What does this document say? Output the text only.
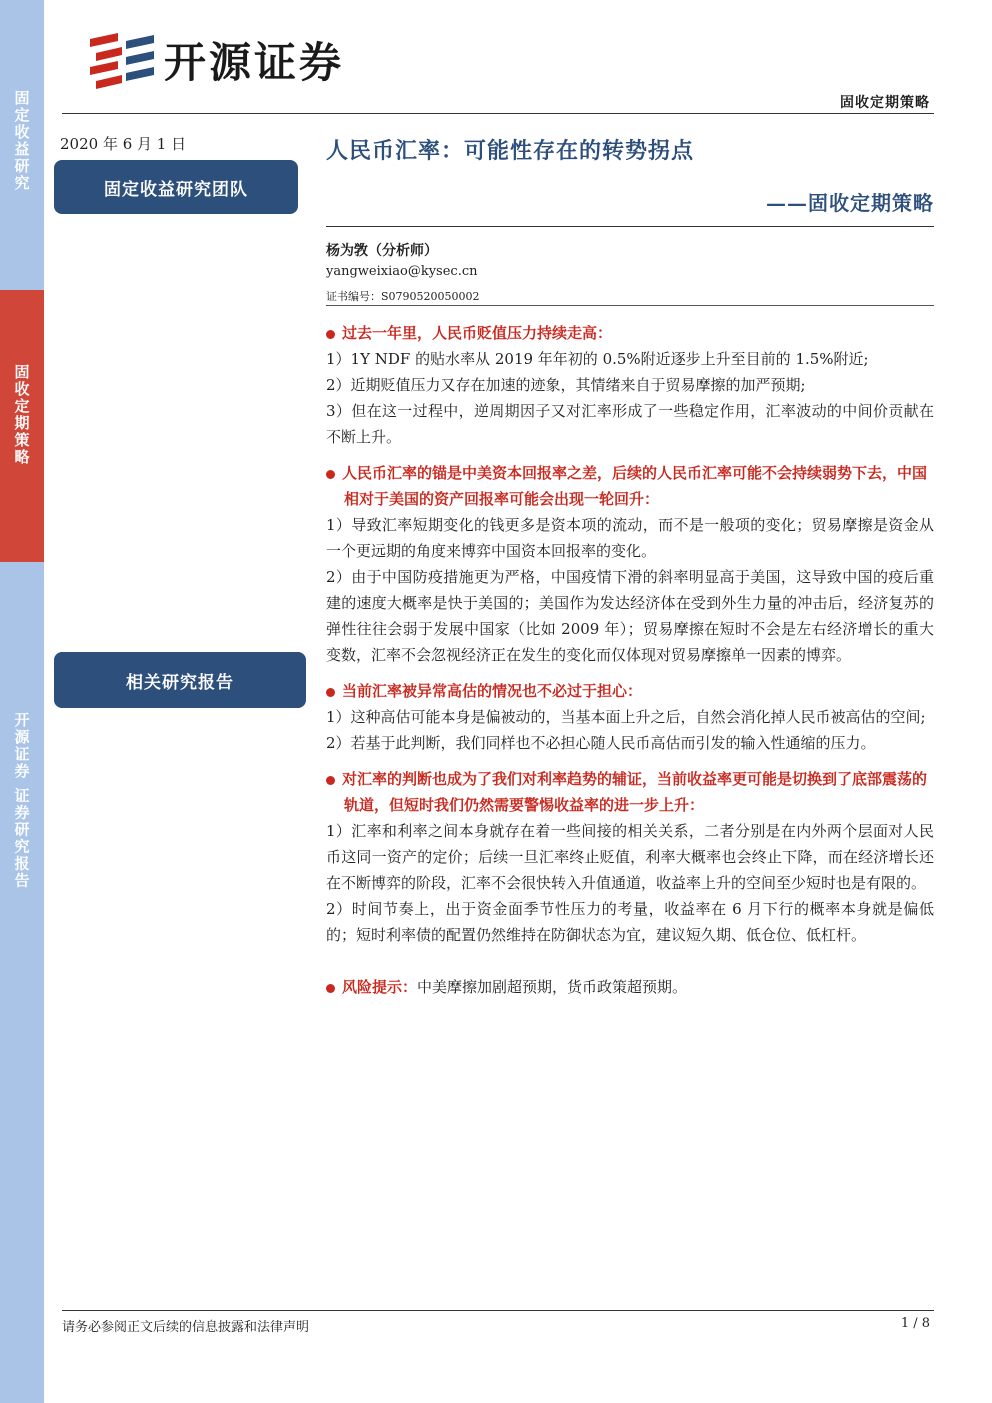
固定收益研究
固收定期策略
开源证券 证券研究报告
开源证券
固收定期策略
2020 年 6 月 1 日
固定收益研究团队
相关研究报告
人民币汇率：可能性存在的转势拐点
——固收定期策略
杨为敩（分析师）
yangweixiao@kysec.cn
证书编号：S0790520050002
过去一年里，人民币贬值压力持续走高：
1）1Y NDF 的贴水率从 2019 年年初的 0.5%附近逐步上升至目前的 1.5%附近;
2）近期贬值压力又存在加速的迹象，其情绪来自于贸易摩擦的加严预期;
3）但在这一过程中，逆周期因子又对汇率形成了一些稳定作用，汇率波动的中间价贡献在不断上升。
人民币汇率的锚是中美资本回报率之差，后续的人民币汇率可能不会持续弱势下去，中国相对于美国的资产回报率可能会出现一轮回升：
1）导致汇率短期变化的钱更多是资本项的流动，而不是一般项的变化；贸易摩擦是资金从一个更远期的角度来博弈中国资本回报率的变化。
2）由于中国防疫措施更为严格，中国疫情下滑的斜率明显高于美国，这导致中国的疫后重建的速度大概率是快于美国的；美国作为发达经济体在受到外生力量的冲击后，经济复苏的弹性往往会弱于发展中国家（比如 2009 年）；贸易摩擦在短时不会是左右经济增长的重大变数，汇率不会忽视经济正在发生的变化而仅体现对贸易摩擦单一因素的博弈。
当前汇率被异常高估的情况也不必过于担心：
1）这种高估可能本身是偏被动的，当基本面上升之后，自然会消化掉人民币被高估的空间;
2）若基于此判断，我们同样也不必担心随人民币高估而引发的输入性通缩的压力。
对汇率的判断也成为了我们对利率趋势的辅证，当前收益率更可能是切换到了底部震荡的轨道，但短时我们仍然需要警惕收益率的进一步上升：
1）汇率和利率之间本身就存在着一些间接的相关关系，二者分别是在内外两个层面对人民币这同一资产的定价；后续一旦汇率终止贬值，利率大概率也会终止下降，而在经济增长还在不断博弈的阶段，汇率不会很快转入升值通道，收益率上升的空间至少短时也是有限的。
2）时间节奏上，出于资金面季节性压力的考量，收益率在 6 月下行的概率本身就是偏低的；短时利率债的配置仍然维持在防御状态为宜，建议短久期、低仓位、低杠杆。
风险提示：中美摩擦加剧超预期，货币政策超预期。
请务必参阅正文后续的信息披露和法律声明	1 / 8
